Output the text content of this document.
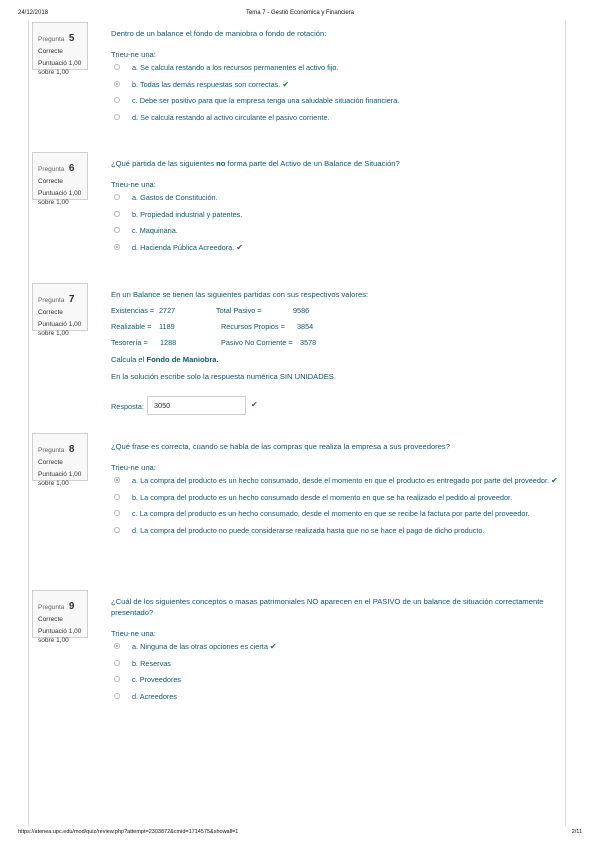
24/12/2018	Tema 7 - Gestió Econòmica y Financiera
Pregunta 5
Correcte
Puntuació 1,00
sobre 1,00
Dentro de un balance el fondo de maniobra o fondo de rotación:
Trieu-ne una:
a. Se calcula restando a los recursos permanentes el activo fijo.
b. Todas las demás respuestas son correctas. ✔
c. Debe ser positivo para que la empresa tenga una saludable situación financiera.
d. Se calcula restando al activo circulante el pasivo corriente.
Pregunta 6
Correcte
Puntuació 1,00
sobre 1,00
¿Qué partida de las siguientes no forma parte del Activo de un Balance de Situación?
Trieu-ne una:
a. Gastos de Constitución.
b. Propiedad industrial y patentes.
c. Maquinaria.
d. Hacienda Pública Acreedora. ✔
Pregunta 7
Correcte
Puntuació 1,00
sobre 1,00
En un Balance se tienen las siguientes partidas con sus respectivos valores:
Existencias = 2727	Total Pasivo =	9586
Realizable = 1189	Recursos Propios = 3854
Tesorería = 1288	Pasivo No Corriente = 3578
Calcula el Fondo de Maniobra.
En la solución escribe solo la respuesta numérica SIN UNIDADES.
Resposta:	3050	✔
Pregunta 8
Correcte
Puntuació 1,00
sobre 1,00
¿Qué frase es correcta, cuando se habla de las compras que realiza la empresa a sus proveedores?
Trieu-ne una:
a. La compra del producto es un hecho consumado, desde el momento en que el producto es entregado por parte del proveedor. ✔
b. La compra del producto es un hecho consumado desde el momento en que se ha realizado el pedido al proveedor.
c. La compra del producto es un hecho consumado, desde el momento en que se recibe la factura por parte del proveedor.
d. La compra del producto no puede considerarse realizada hasta que no se hace el pago de dicho producto.
Pregunta 9
Correcte
Puntuació 1,00
sobre 1,00
¿Cuál de los siguientes conceptos o masas patrimoniales NO aparecen en el PASIVO de un balance de situación correctamente presentado?
Trieu-ne una:
a. Ninguna de las otras opciones es cierta ✔
b. Reservas
c. Proveedores
d. Acreedores
https://atenea.upc.edu/mod/quiz/review.php?attempt=2303872&cmid=1714575&showall=1	2/11
